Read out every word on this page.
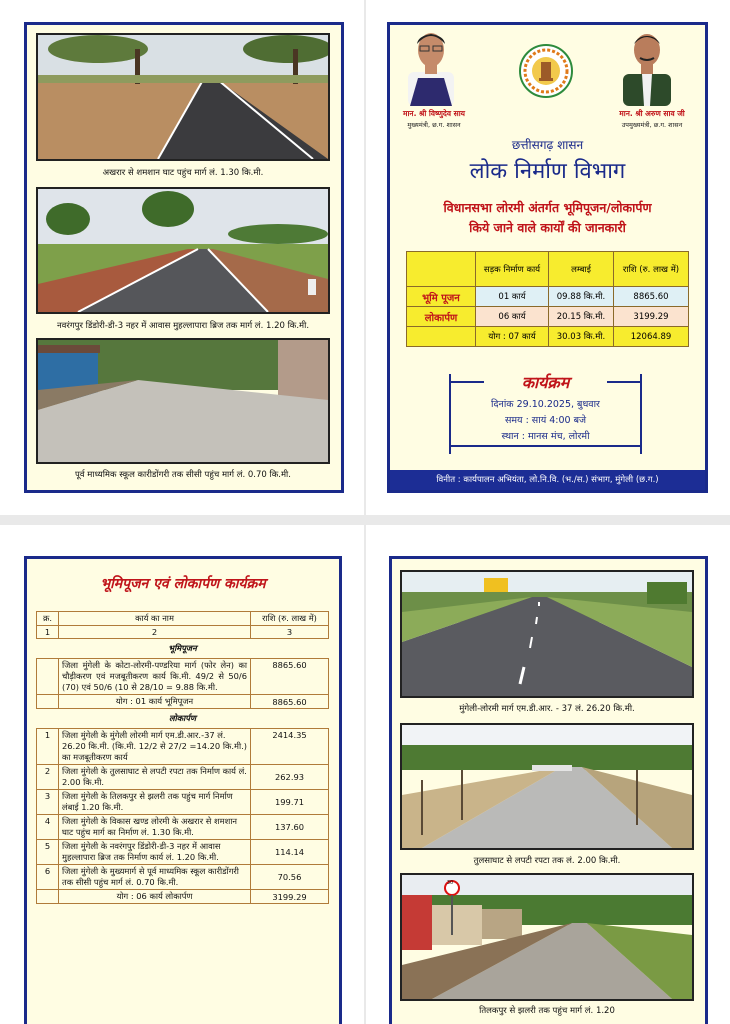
अखरार से शमशान घाट पहुंच मार्ग लं. 1.30 कि.मी.
नवरंगपुर डिंडोरी-डी-3 नहर में आवास मुहल्लापारा ब्रिज तक मार्ग लं. 1.20 कि.मी.
पूर्व माध्यमिक स्कूल कारीडोंगरी तक सीसी पहुंच मार्ग लं. 0.70 कि.मी.
मान. श्री विष्णुदेव साय
मुख्यमंत्री, छ.ग. शासन
मान. श्री अरुण साव जी
उपमुख्यमंत्री, छ.ग. शासन
छत्तीसगढ़ शासन
लोक निर्माण विभाग
विधानसभा लोरमी अंतर्गत भूमिपूजन/लोकार्पण
किये जाने वाले कार्यों की जानकारी
	सड़क निर्माण कार्य	लम्बाई	राशि (रु. लाख में)
भूमि पूजन	01 कार्य	09.88 कि.मी.	8865.60
लोकार्पण	06 कार्य	20.15 कि.मी.	3199.29
	योग : 07 कार्य	30.03 कि.मी.	12064.89
कार्यक्रम
दिनांक 29.10.2025, बुधवार
समय : सायं 4:00 बजे
स्थान : मानस मंच, लोरमी
विनीत : कार्यपालन अभियंता, लो.नि.वि. (भ./स.) संभाग, मुंगेली (छ.ग.)
भूमिपूजन एवं लोकार्पण कार्यक्रम
क्र.	कार्य का नाम	राशि (रु. लाख में)
1	2	3
भूमिपूजन		
	जिला मुंगेली के कोटा-लोरमी-पण्डरिया मार्ग (फोर लेन) का चौड़ीकरण एवं मजबूतीकरण कार्य कि.मी. 49/2 से 50/6 (70) एवं 50/6 (10 से 28/10 = 9.88 कि.मी.	8865.60
	योग : 01 कार्य भूमिपूजन	8865.60
लोकार्पण		
1	जिला मुंगेली के मुंगेली लोरमी मार्ग एम.डी.आर.-37 लं. 26.20 कि.मी. (कि.मी. 12/2 से 27/2 =14.20 कि.मी.) का मजबूतीकरण कार्य	2414.35
2	जिला मुंगेली के तुलसाघाट से लपटी रपटा तक निर्माण कार्य लं. 2.00 कि.मी.	262.93
3	जिला मुंगेली के तिलकपुर से झलरी तक पहुंच मार्ग निर्माण लंबाई 1.20 कि.मी.	199.71
4	जिला मुंगेली के विकास खण्ड लोरमी के अखरार से शमशान घाट पहुंच मार्ग का निर्माण लं. 1.30 कि.मी.	137.60
5	जिला मुंगेली के नवरंगपुर डिंडोरी-डी-3 नहर में आवास मुहल्लापारा ब्रिज तक निर्माण कार्य लं. 1.20 कि.मी.	114.14
6	जिला मुंगेली के मुख्यमार्ग से पूर्व माध्यमिक स्कूल कारीडोंगरी तक सीसी पहुंच मार्ग लं. 0.70 कि.मी.	70.56
	योग : 06 कार्य लोकार्पण	3199.29
मुंगेली-लोरमी मार्ग एम.डी.आर. - 37 लं. 26.20 कि.मी.
तुलसाघाट से लपटी रपटा तक लं. 2.00 कि.मी.
30
तिलकपुर से झलरी तक पहुंच मार्ग लं. 1.20
